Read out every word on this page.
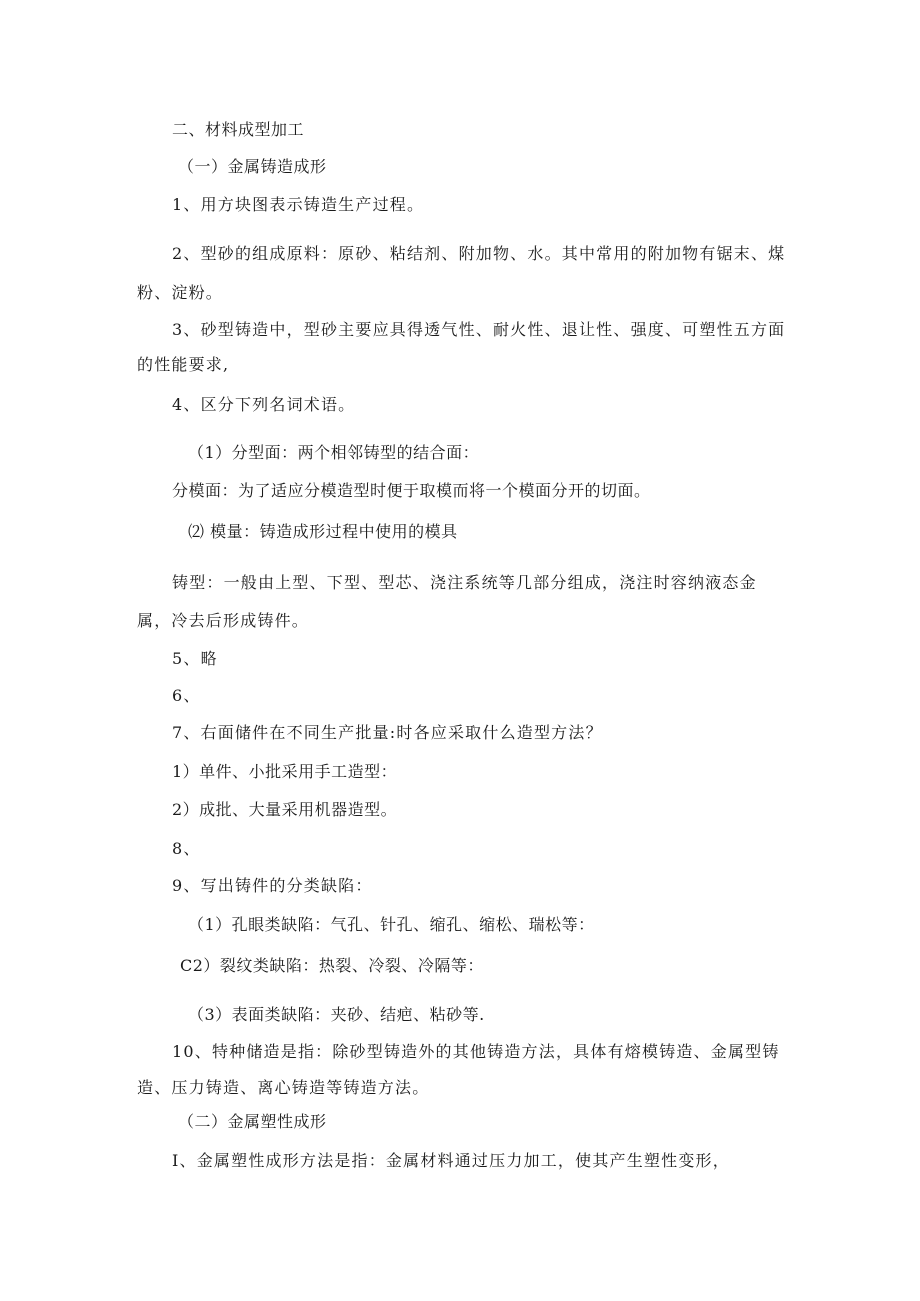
二、材料成型加工

（一）金属铸造成形

1、用方块图表示铸造生产过程。

2、型砂的组成原料：原砂、粘结剂、附加物、水。其中常用的附加物有锯末、煤

粉、淀粉。

3、砂型铸造中，型砂主要应具得透气性、耐火性、退让性、强度、可塑性五方面

的性能要求,

4、区分下列名词术语。

（1）分型面：两个相邻铸型的结合面：

分模面：为了适应分模造型时便于取模而将一个模面分开的切面。

⑵ 模量：铸造成形过程中使用的模具

铸型：一般由上型、下型、型芯、浇注系统等几部分组成，浇注时容纳液态金

属，冷去后形成铸件。

5、略

6、

7、右面储件在不同生产批量:时各应采取什么造型方法？

1）单件、小批采用手工造型：

2）成批、大量采用机器造型。

8、

9、写出铸件的分类缺陷：

（1）孔眼类缺陷：气孔、针孔、缩孔、缩松、瑞松等：

C2）裂纹类缺陷：热裂、冷裂、冷隔等：

（3）表面类缺陷：夹砂、结疤、粘砂等.

10、特种储造是指：除砂型铸造外的其他铸造方法，具体有熔模铸造、金属型铸

造、压力铸造、离心铸造等铸造方法。

（二）金属塑性成形

I、金属塑性成形方法是指：金属材料通过压力加工，使其产生塑性变形，
